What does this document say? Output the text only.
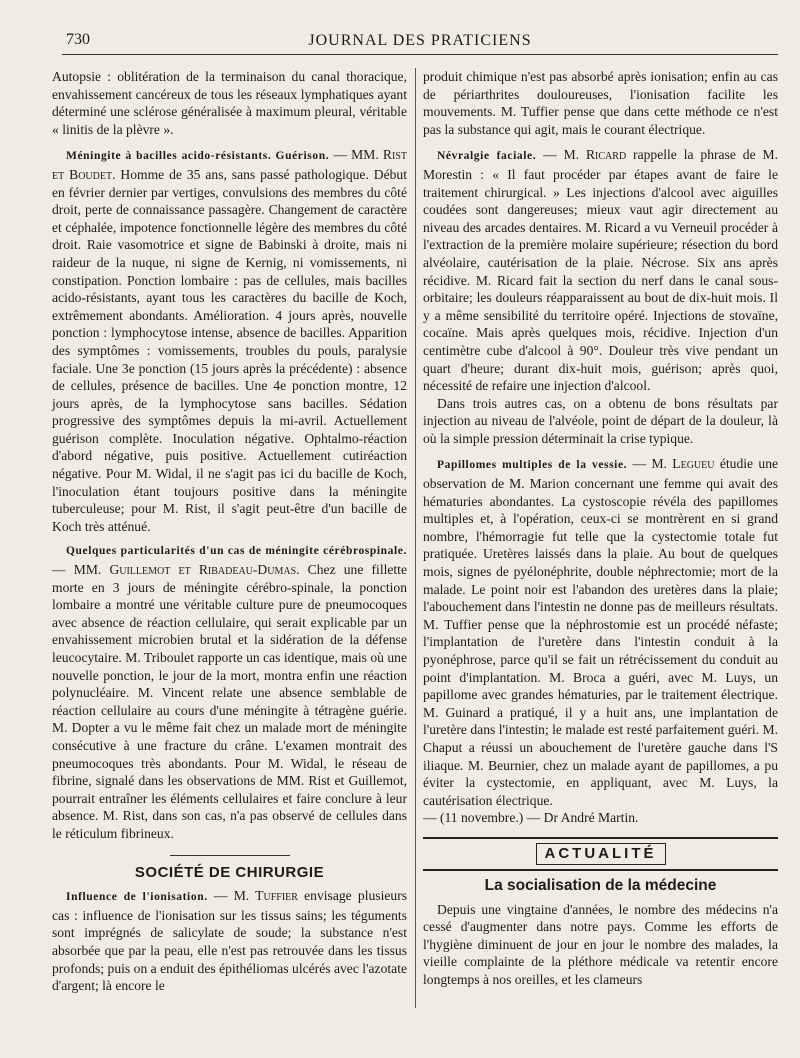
730	JOURNAL DES PRATICIENS

Autopsie : oblitération de la terminaison du canal thoracique, envahissement cancéreux de tous les réseaux lymphatiques ayant déterminé une sclérose généralisée à maximum pleural, véritable « linitis de la plèvre ».

Méningite à bacilles acido-résistants. Guérison. — MM. Rist et Boudet. Homme de 35 ans, sans passé pathologique. Début en février dernier par vertiges, convulsions des membres du côté droit, perte de connaissance passagère. Changement de caractère et céphalée, impotence fonctionnelle légère des membres du côté droit. Raie vasomotrice et signe de Babinski à droite, mais ni raideur de la nuque, ni signe de Kernig, ni vomissements, ni constipation. Ponction lombaire : pas de cellules, mais bacilles acido-résistants, ayant tous les caractères du bacille de Koch, extrêmement abondants. Amélioration. 4 jours après, nouvelle ponction : lymphocytose intense, absence de bacilles. Apparition des symptômes : vomissements, troubles du pouls, paralysie faciale. Une 3e ponction (15 jours après la précédente) : absence de cellules, présence de bacilles. Une 4e ponction montre, 12 jours après, de la lymphocytose sans bacilles. Sédation progressive des symptômes depuis la mi-avril. Actuellement guérison complète. Inoculation négative. Ophtalmo-réaction d'abord négative, puis positive. Actuellement cutiréaction négative. Pour M. Widal, il ne s'agit pas ici du bacille de Koch, l'inoculation étant toujours positive dans la méningite tuberculeuse; pour M. Rist, il s'agit peut-être d'un bacille de Koch très atténué.

Quelques particularités d'un cas de méningite cérébrospinale. — MM. Guillemot et Ribadeau-Dumas. Chez une fillette morte en 3 jours de méningite cérébro-spinale, la ponction lombaire a montré une véritable culture pure de pneumocoques avec absence de réaction cellulaire, qui serait explicable par un envahissement microbien brutal et la sidération de la défense leucocytaire. M. Triboulet rapporte un cas identique, mais où une nouvelle ponction, le jour de la mort, montra enfin une réaction polynucléaire. M. Vincent relate une absence semblable de réaction cellulaire au cours d'une méningite à tétragène guérie. M. Dopter a vu le même fait chez un malade mort de méningite consécutive à une fracture du crâne. L'examen montrait des pneumocoques très abondants. Pour M. Widal, le réseau de fibrine, signalé dans les observations de MM. Rist et Guillemot, pourrait entraîner les éléments cellulaires et faire conclure à leur absence. M. Rist, dans son cas, n'a pas observé de cellules dans le réticulum fibrineux.

SOCIÉTÉ DE CHIRURGIE

Influence de l'ionisation. — M. Tuffier envisage plusieurs cas : influence de l'ionisation sur les tissus sains; les téguments sont imprégnés de salicylate de soude; la substance n'est absorbée que par la peau, elle n'est pas retrouvée dans les tissus profonds; puis on a enduit des épithéliomas ulcérés avec l'azotate d'argent; là encore le

produit chimique n'est pas absorbé après ionisation; enfin au cas de périarthrites douloureuses, l'ionisation facilite les mouvements. M. Tuffier pense que dans cette méthode ce n'est pas la substance qui agit, mais le courant électrique.

Névralgie faciale. — M. Ricard rappelle la phrase de M. Morestin : « Il faut procéder par étapes avant de faire le traitement chirurgical. » Les injections d'alcool avec aiguilles coudées sont dangereuses; mieux vaut agir directement au niveau des arcades dentaires. M. Ricard a vu Verneuil procéder à l'extraction de la première molaire supérieure; résection du bord alvéolaire, cautérisation de la plaie. Nécrose. Six ans après récidive. M. Ricard fait la section du nerf dans le canal sous-orbitaire; les douleurs réapparaissent au bout de dix-huit mois. Il y a même sensibilité du territoire opéré. Injections de stovaïne, cocaïne. Mais après quelques mois, récidive. Injection d'un centimètre cube d'alcool à 90°. Douleur très vive pendant un quart d'heure; durant dix-huit mois, guérison; après quoi, nécessité de refaire une injection d'alcool.

Dans trois autres cas, on a obtenu de bons résultats par injection au niveau de l'alvéole, point de départ de la douleur, là où la simple pression déterminait la crise typique.

Papillomes multiples de la vessie. — M. Legueu étudie une observation de M. Marion concernant une femme qui avait des hématuries abondantes. La cystoscopie révéla des papillomes multiples et, à l'opération, ceux-ci se montrèrent en si grand nombre, l'hémorragie fut telle que la cystectomie totale fut pratiquée. Uretères laissés dans la plaie. Au bout de quelques mois, signes de pyélonéphrite, double néphrectomie; mort de la malade. Le point noir est l'abandon des uretères dans la plaie; l'abouchement dans l'intestin ne donne pas de meilleurs résultats. M. Tuffier pense que la néphrostomie est un procédé néfaste; l'implantation de l'uretère dans l'intestin conduit à la pyonéphrose, parce qu'il se fait un rétrécissement du conduit au point d'implantation. M. Broca a guéri, avec M. Luys, un papillome avec grandes hématuries, par le traitement électrique. M. Guinard a pratiqué, il y a huit ans, une implantation de l'uretère dans l'intestin; le malade est resté parfaitement guéri. M. Chaput a réussi un abouchement de l'uretère gauche dans l'S iliaque. M. Beurnier, chez un malade ayant de papillomes, a pu éviter la cystectomie, en appliquant, avec M. Luys, la cautérisation électrique.

— (11 novembre.) — Dr André Martin.

ACTUALITÉ
La socialisation de la médecine

Depuis une vingtaine d'années, le nombre des médecins n'a cessé d'augmenter dans notre pays. Comme les efforts de l'hygiène diminuent de jour en jour le nombre des malades, la vieille complainte de la pléthore médicale va retentir encore longtemps à nos oreilles, et les clameurs
